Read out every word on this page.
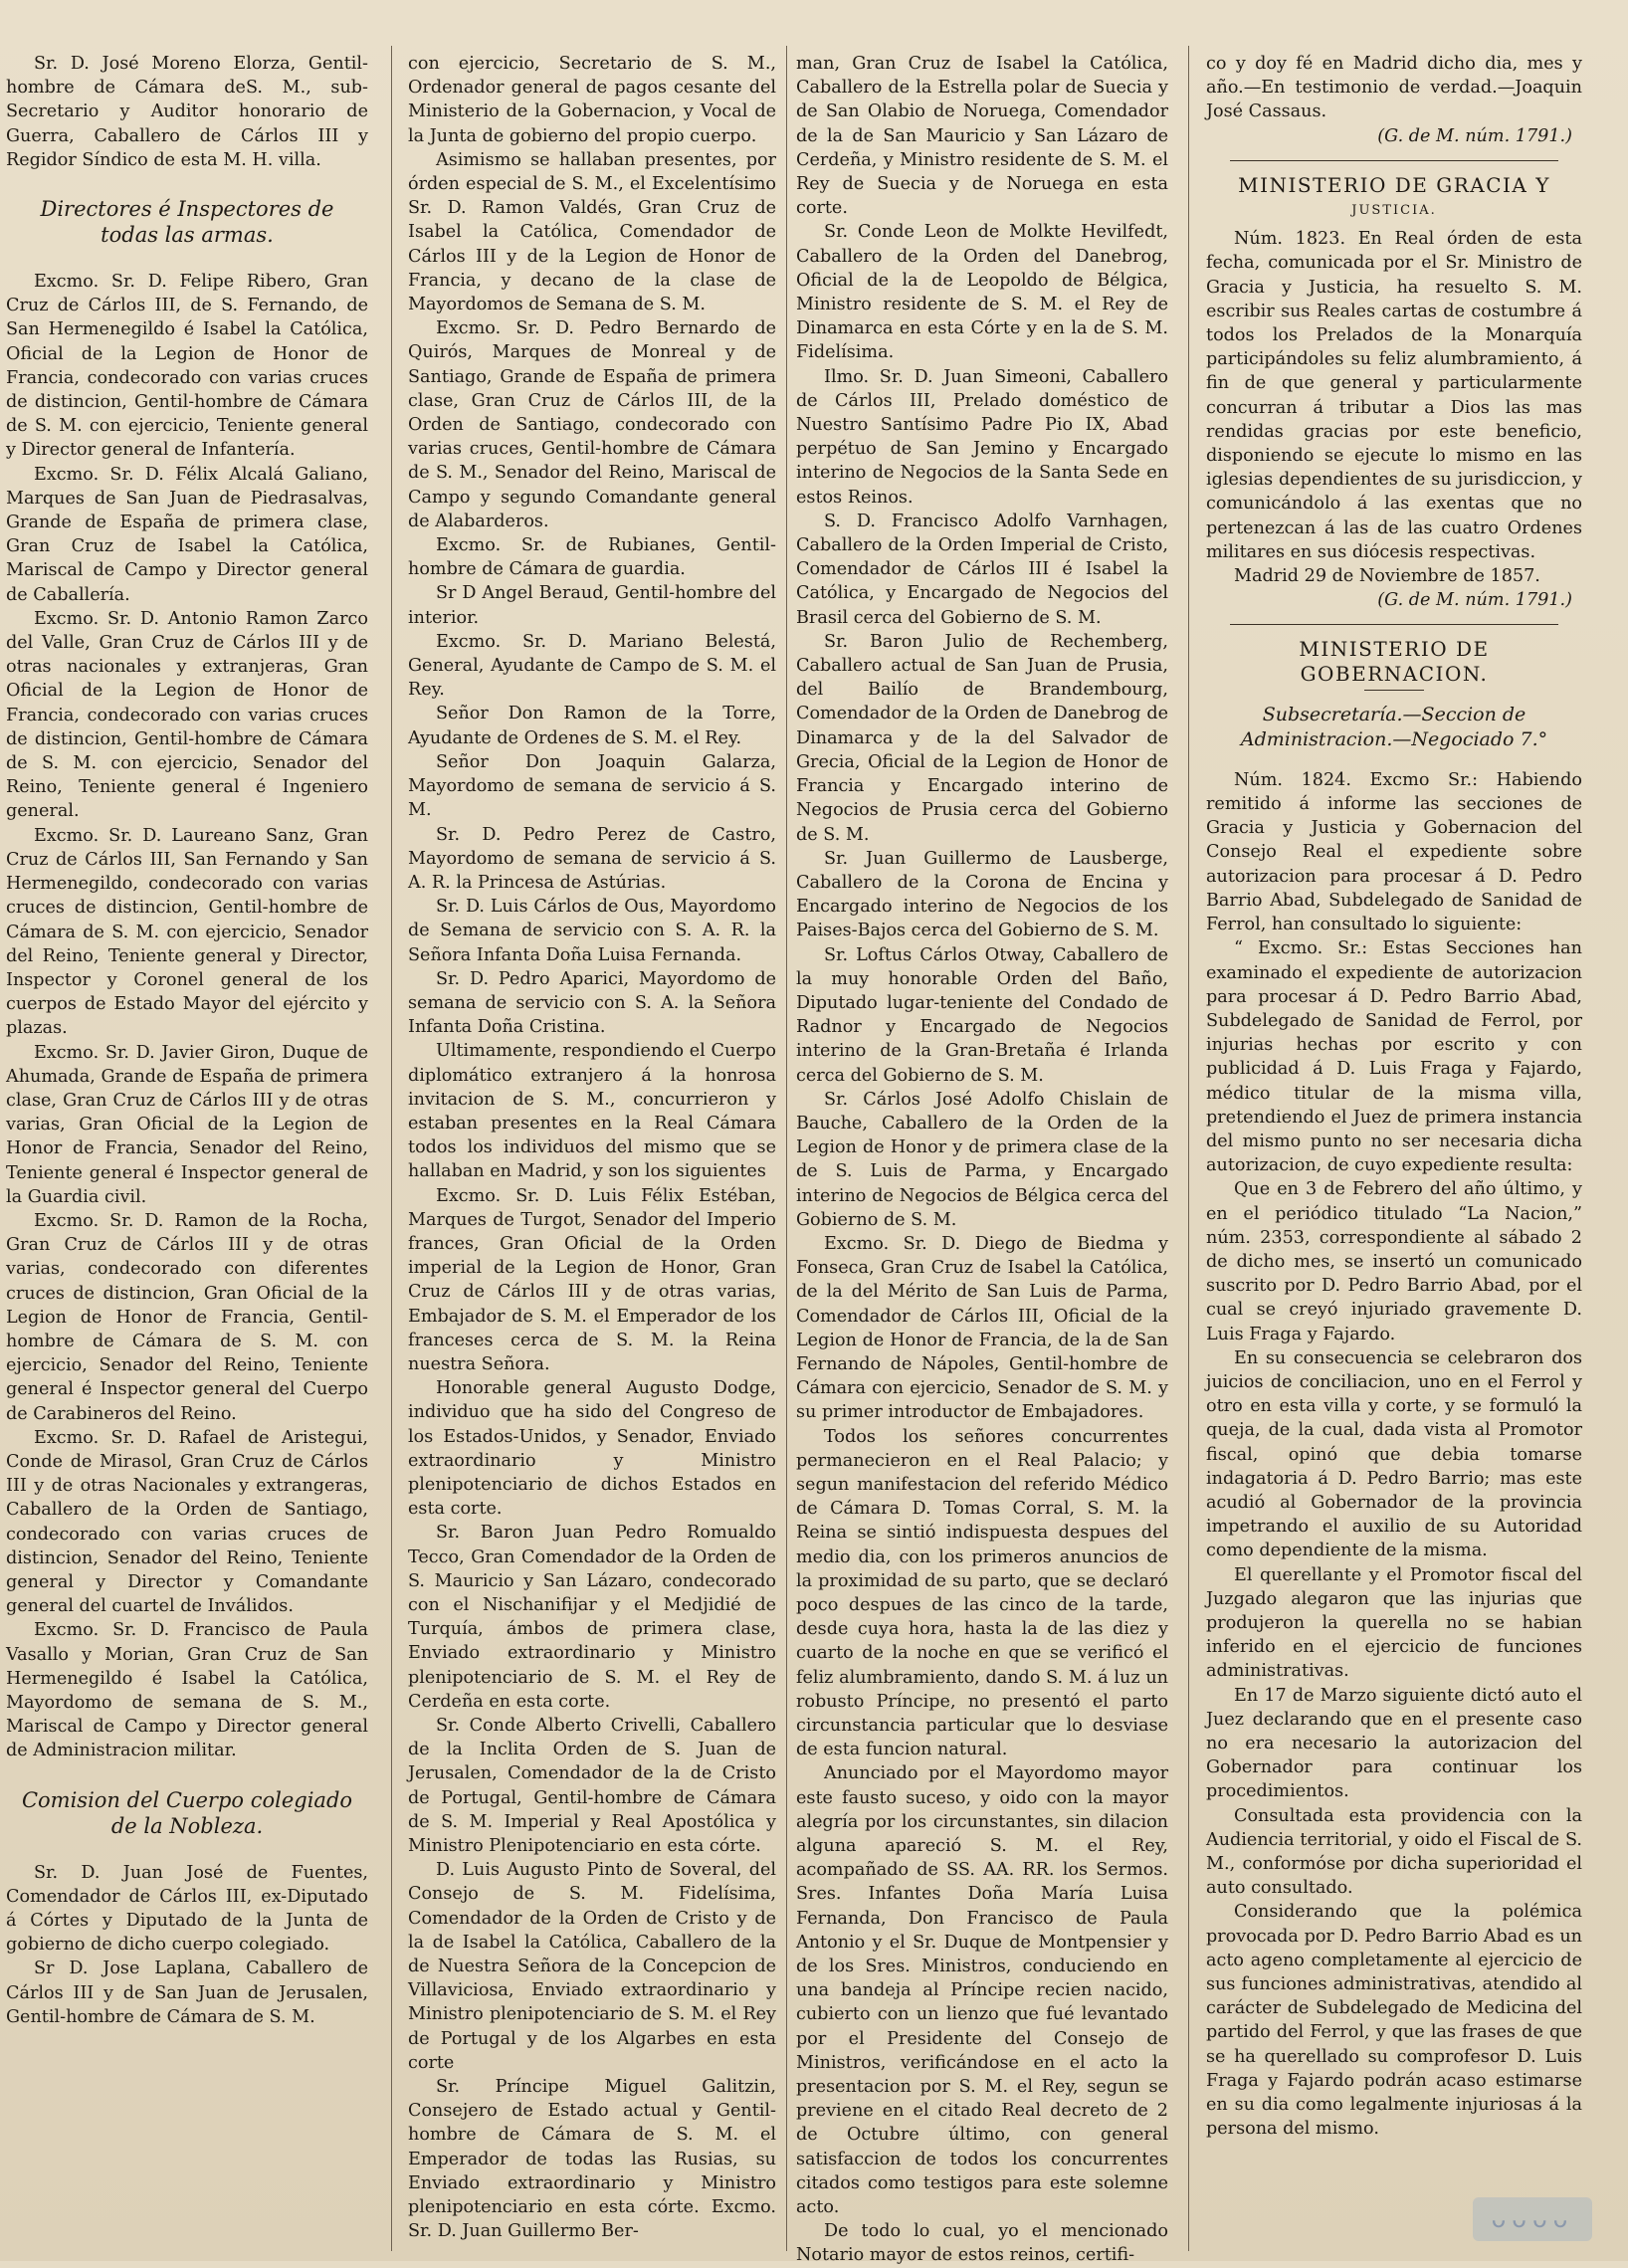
Sr. D. José Moreno Elorza, Gentil-hombre de Cámara deS. M., sub-Secretario y Auditor honorario de Guerra, Caballero de Cárlos III y Regidor Síndico de esta M. H. villa.

Directores é Inspectores de todas las armas.

Excmo. Sr. D. Felipe Ribero, Gran Cruz de Cárlos III, de S. Fernando, de San Hermenegildo é Isabel la Católica, Oficial de la Legion de Honor de Francia, condecorado con varias cruces de distincion, Gentil-hombre de Cámara de S. M. con ejercicio, Teniente general y Director general de Infantería.

Excmo. Sr. D. Félix Alcalá Galiano, Marques de San Juan de Piedrasalvas, Grande de España de primera clase, Gran Cruz de Isabel la Católica, Mariscal de Campo y Director general de Caballería.

Excmo. Sr. D. Antonio Ramon Zarco del Valle, Gran Cruz de Cárlos III y de otras nacionales y extranjeras, Gran Oficial de la Legion de Honor de Francia, condecorado con varias cruces de distincion, Gentil-hombre de Cámara de S. M. con ejercicio, Senador del Reino, Teniente general é Ingeniero general.

Excmo. Sr. D. Laureano Sanz, Gran Cruz de Cárlos III, San Fernando y San Hermenegildo, condecorado con varias cruces de distincion, Gentil-hombre de Cámara de S. M. con ejercicio, Senador del Reino, Teniente general y Director, Inspector y Coronel general de los cuerpos de Estado Mayor del ejército y plazas.

Excmo. Sr. D. Javier Giron, Duque de Ahumada, Grande de España de primera clase, Gran Cruz de Cárlos III y de otras varias, Gran Oficial de la Legion de Honor de Francia, Senador del Reino, Teniente general é Inspector general de la Guardia civil.

Excmo. Sr. D. Ramon de la Rocha, Gran Cruz de Cárlos III y de otras varias, condecorado con diferentes cruces de distincion, Gran Oficial de la Legion de Honor de Francia, Gentil-hombre de Cámara de S. M. con ejercicio, Senador del Reino, Teniente general é Inspector general del Cuerpo de Carabineros del Reino.

Excmo. Sr. D. Rafael de Aristegui, Conde de Mirasol, Gran Cruz de Cárlos III y de otras Nacionales y extrangeras, Caballero de la Orden de Santiago, condecorado con varias cruces de distincion, Senador del Reino, Teniente general y Director y Comandante general del cuartel de Inválidos.

Excmo. Sr. D. Francisco de Paula Vasallo y Morian, Gran Cruz de San Hermenegildo é Isabel la Católica, Mayordomo de semana de S. M., Mariscal de Campo y Director general de Administracion militar.

Comision del Cuerpo colegiado de la Nobleza.

Sr. D. Juan José de Fuentes, Comendador de Cárlos III, ex-Diputado á Córtes y Diputado de la Junta de gobierno de dicho cuerpo colegiado.

Sr D. Jose Laplana, Caballero de Cárlos III y de San Juan de Jerusalen, Gentil-hombre de Cámara de S. M.

con ejercicio, Secretario de S. M., Ordenador general de pagos cesante del Ministerio de la Gobernacion, y Vocal de la Junta de gobierno del propio cuerpo.

Asimismo se hallaban presentes, por órden especial de S. M., el Excelentísimo Sr. D. Ramon Valdés, Gran Cruz de Isabel la Católica, Comendador de Cárlos III y de la Legion de Honor de Francia, y decano de la clase de Mayordomos de Semana de S. M.

Excmo. Sr. D. Pedro Bernardo de Quirós, Marques de Monreal y de Santiago, Grande de España de primera clase, Gran Cruz de Cárlos III, de la Orden de Santiago, condecorado con varias cruces, Gentil-hombre de Cámara de S. M., Senador del Reino, Mariscal de Campo y segundo Comandante general de Alabarderos.

Excmo. Sr. de Rubianes, Gentil-hombre de Cámara de guardia.

Sr D Angel Beraud, Gentil-hombre del interior.

Excmo. Sr. D. Mariano Belestá, General, Ayudante de Campo de S. M. el Rey.

Señor Don Ramon de la Torre, Ayudante de Ordenes de S. M. el Rey.

Señor Don Joaquin Galarza, Mayordomo de semana de servicio á S. M.

Sr. D. Pedro Perez de Castro, Mayordomo de semana de servicio á S. A. R. la Princesa de Astúrias.

Sr. D. Luis Cárlos de Ous, Mayordomo de Semana de servicio con S. A. R. la Señora Infanta Doña Luisa Fernanda.

Sr. D. Pedro Aparici, Mayordomo de semana de servicio con S. A. la Señora Infanta Doña Cristina.

Ultimamente, respondiendo el Cuerpo diplomático extranjero á la honrosa invitacion de S. M., concurrieron y estaban presentes en la Real Cámara todos los individuos del mismo que se hallaban en Madrid, y son los siguientes

Excmo. Sr. D. Luis Félix Estéban, Marques de Turgot, Senador del Imperio frances, Gran Oficial de la Orden imperial de la Legion de Honor, Gran Cruz de Cárlos III y de otras varias, Embajador de S. M. el Emperador de los franceses cerca de S. M. la Reina nuestra Señora.

Honorable general Augusto Dodge, individuo que ha sido del Congreso de los Estados-Unidos, y Senador, Enviado extraordinario y Ministro plenipotenciario de dichos Estados en esta corte.

Sr. Baron Juan Pedro Romualdo Tecco, Gran Comendador de la Orden de S. Mauricio y San Lázaro, condecorado con el Nischanifijar y el Medjidié de Turquía, ámbos de primera clase, Enviado extraordinario y Ministro plenipotenciario de S. M. el Rey de Cerdeña en esta corte.

Sr. Conde Alberto Crivelli, Caballero de la Inclita Orden de S. Juan de Jerusalen, Comendador de la de Cristo de Portugal, Gentil-hombre de Cámara de S. M. Imperial y Real Apostólica y Ministro Plenipotenciario en esta córte.

D. Luis Augusto Pinto de Soveral, del Consejo de S. M. Fidelísima, Comendador de la Orden de Cristo y de la de Isabel la Católica, Caballero de la de Nuestra Señora de la Concepcion de Villaviciosa, Enviado extraordinario y Ministro plenipotenciario de S. M. el Rey de Portugal y de los Algarbes en esta corte

Sr. Príncipe Miguel Galitzin, Consejero de Estado actual y Gentil-hombre de Cámara de S. M. el Emperador de todas las Rusias, su Enviado extraordinario y Ministro plenipotenciario en esta córte. Excmo. Sr. D. Juan Guillermo Ber-

man, Gran Cruz de Isabel la Católica, Caballero de la Estrella polar de Suecia y de San Olabio de Noruega, Comendador de la de San Mauricio y San Lázaro de Cerdeña, y Ministro residente de S. M. el Rey de Suecia y de Noruega en esta corte.

Sr. Conde Leon de Molkte Hevilfedt, Caballero de la Orden del Danebrog, Oficial de la de Leopoldo de Bélgica, Ministro residente de S. M. el Rey de Dinamarca en esta Córte y en la de S. M. Fidelísima.

Ilmo. Sr. D. Juan Simeoni, Caballero de Cárlos III, Prelado doméstico de Nuestro Santísimo Padre Pio IX, Abad perpétuo de San Jemino y Encargado interino de Negocios de la Santa Sede en estos Reinos.

S. D. Francisco Adolfo Varnhagen, Caballero de la Orden Imperial de Cristo, Comendador de Cárlos III é Isabel la Católica, y Encargado de Negocios del Brasil cerca del Gobierno de S. M.

Sr. Baron Julio de Rechemberg, Caballero actual de San Juan de Prusia, del Bailío de Brandembourg, Comendador de la Orden de Danebrog de Dinamarca y de la del Salvador de Grecia, Oficial de la Legion de Honor de Francia y Encargado interino de Negocios de Prusia cerca del Gobierno de S. M.

Sr. Juan Guillermo de Lausberge, Caballero de la Corona de Encina y Encargado interino de Negocios de los Paises-Bajos cerca del Gobierno de S. M.

Sr. Loftus Cárlos Otway, Caballero de la muy honorable Orden del Baño, Diputado lugar-teniente del Condado de Radnor y Encargado de Negocios interino de la Gran-Bretaña é Irlanda cerca del Gobierno de S. M.

Sr. Cárlos José Adolfo Chislain de Bauche, Caballero de la Orden de la Legion de Honor y de primera clase de la de S. Luis de Parma, y Encargado interino de Negocios de Bélgica cerca del Gobierno de S. M.

Excmo. Sr. D. Diego de Biedma y Fonseca, Gran Cruz de Isabel la Católica, de la del Mérito de San Luis de Parma, Comendador de Cárlos III, Oficial de la Legion de Honor de Francia, de la de San Fernando de Nápoles, Gentil-hombre de Cámara con ejercicio, Senador de S. M. y su primer introductor de Embajadores.

Todos los señores concurrentes permanecieron en el Real Palacio; y segun manifestacion del referido Médico de Cámara D. Tomas Corral, S. M. la Reina se sintió indispuesta despues del medio dia, con los primeros anuncios de la proximidad de su parto, que se declaró poco despues de las cinco de la tarde, desde cuya hora, hasta la de las diez y cuarto de la noche en que se verificó el feliz alumbramiento, dando S. M. á luz un robusto Príncipe, no presentó el parto circunstancia particular que lo desviase de esta funcion natural.

Anunciado por el Mayordomo mayor este fausto suceso, y oido con la mayor alegría por los circunstantes, sin dilacion alguna apareció S. M. el Rey, acompañado de SS. AA. RR. los Sermos. Sres. Infantes Doña María Luisa Fernanda, Don Francisco de Paula Antonio y el Sr. Duque de Montpensier y de los Sres. Ministros, conduciendo en una bandeja al Príncipe recien nacido, cubierto con un lienzo que fué levantado por el Presidente del Consejo de Ministros, verificándose en el acto la presentacion por S. M. el Rey, segun se previene en el citado Real decreto de 2 de Octubre último, con general satisfaccion de todos los concurrentes citados como testigos para este solemne acto.

De todo lo cual, yo el mencionado Notario mayor de estos reinos, certifi-

co y doy fé en Madrid dicho dia, mes y año.—En testimonio de verdad.—Joaquin José Cassaus.

(G. de M. núm. 1791.)

MINISTERIO DE GRACIA Y
JUSTICIA.

Núm. 1823. En Real órden de esta fecha, comunicada por el Sr. Ministro de Gracia y Justicia, ha resuelto S. M. escribir sus Reales cartas de costumbre á todos los Prelados de la Monarquía participándoles su feliz alumbramiento, á fin de que general y particularmente concurran á tributar a Dios las mas rendidas gracias por este beneficio, disponiendo se ejecute lo mismo en las iglesias dependientes de su jurisdiccion, y comunicándolo á las exentas que no pertenezcan á las de las cuatro Ordenes militares en sus diócesis respectivas.

Madrid 29 de Noviembre de 1857.

(G. de M. núm. 1791.)

MINISTERIO DE GOBERNACION.
Subsecretaría.—Seccion de Administracion.—Negociado 7.°

Núm. 1824. Excmo Sr.: Habiendo remitido á informe las secciones de Gracia y Justicia y Gobernacion del Consejo Real el expediente sobre autorizacion para procesar á D. Pedro Barrio Abad, Subdelegado de Sanidad de Ferrol, han consultado lo siguiente:

“ Excmo. Sr.: Estas Secciones han examinado el expediente de autorizacion para procesar á D. Pedro Barrio Abad, Subdelegado de Sanidad de Ferrol, por injurias hechas por escrito y con publicidad á D. Luis Fraga y Fajardo, médico titular de la misma villa, pretendiendo el Juez de primera instancia del mismo punto no ser necesaria dicha autorizacion, de cuyo expediente resulta:

Que en 3 de Febrero del año último, y en el periódico titulado “La Nacion,” núm. 2353, correspondiente al sábado 2 de dicho mes, se insertó un comunicado suscrito por D. Pedro Barrio Abad, por el cual se creyó injuriado gravemente D. Luis Fraga y Fajardo.

En su consecuencia se celebraron dos juicios de conciliacion, uno en el Ferrol y otro en esta villa y corte, y se formuló la queja, de la cual, dada vista al Promotor fiscal, opinó que debia tomarse indagatoria á D. Pedro Barrio; mas este acudió al Gobernador de la provincia impetrando el auxilio de su Autoridad como dependiente de la misma.

El querellante y el Promotor fiscal del Juzgado alegaron que las injurias que produjeron la querella no se habian inferido en el ejercicio de funciones administrativas.

En 17 de Marzo siguiente dictó auto el Juez declarando que en el presente caso no era necesario la autorizacion del Gobernador para continuar los procedimientos.

Consultada esta providencia con la Audiencia territorial, y oido el Fiscal de S. M., conformóse por dicha superioridad el auto consultado.

Considerando que la polémica provocada por D. Pedro Barrio Abad es un acto ageno completamente al ejercicio de sus funciones administrativas, atendido al carácter de Subdelegado de Medicina del partido del Ferrol, y que las frases de que se ha querellado su comprofesor D. Luis Fraga y Fajardo podrán acaso estimarse en su dia como legalmente injuriosas á la persona del mismo.

ᴗᴗᴗᴗ
